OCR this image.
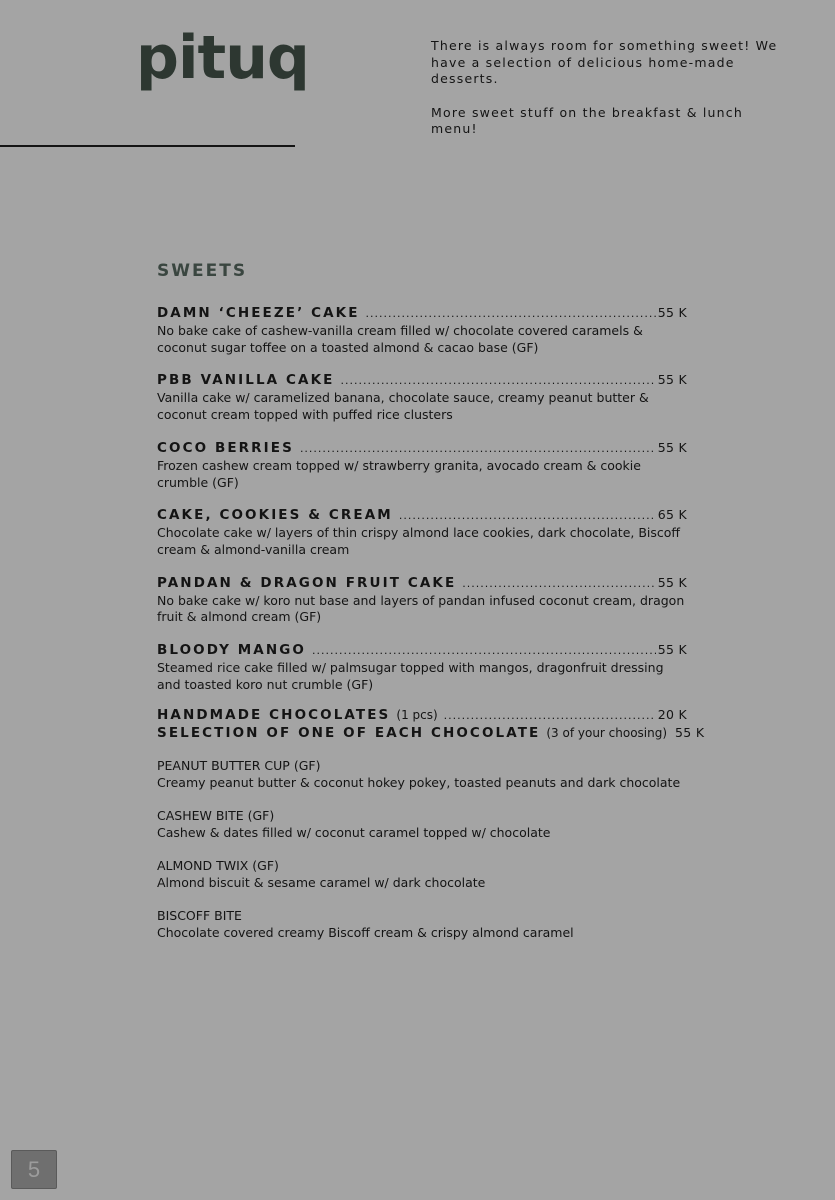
pituq	There is always room for something sweet! We have a selection of delicious home-made desserts.

More sweet stuff on the breakfast & lunch menu!

SWEETS
DAMN ‘CHEEZE’ CAKE .....	55 K
No bake cake of cashew-vanilla cream filled w/ chocolate covered caramels & coconut sugar toffee on a toasted almond & cacao base (GF)
PBB VANILLA CAKE .....	55 K
Vanilla cake w/ caramelized banana, chocolate sauce, creamy peanut butter & coconut cream topped with puffed rice clusters
COCO BERRIES .....	55 K
Frozen cashew cream topped w/ strawberry granita, avocado cream & cookie crumble (GF)
CAKE, COOKIES & CREAM .....	65 K
Chocolate cake w/ layers of thin crispy almond lace cookies, dark chocolate, Biscoff cream & almond-vanilla cream
PANDAN & DRAGON FRUIT CAKE .....	55 K
No bake cake w/ koro nut base and layers of pandan infused coconut cream, dragon fruit & almond cream (GF)
BLOODY MANGO .....	55 K
Steamed rice cake filled w/ palmsugar topped with mangos, dragonfruit dressing and toasted koro nut crumble (GF)
HANDMADE CHOCOLATES (1 pcs) .....	20 K
SELECTION OF ONE OF EACH CHOCOLATE (3 of your choosing) 55 K
PEANUT BUTTER CUP (GF)
Creamy peanut butter & coconut hokey pokey, toasted peanuts and dark chocolate
CASHEW BITE (GF)
Cashew & dates filled w/ coconut caramel topped w/ chocolate
ALMOND TWIX (GF)
Almond biscuit & sesame caramel w/ dark chocolate
BISCOFF BITE
Chocolate covered creamy Biscoff cream & crispy almond caramel
5
